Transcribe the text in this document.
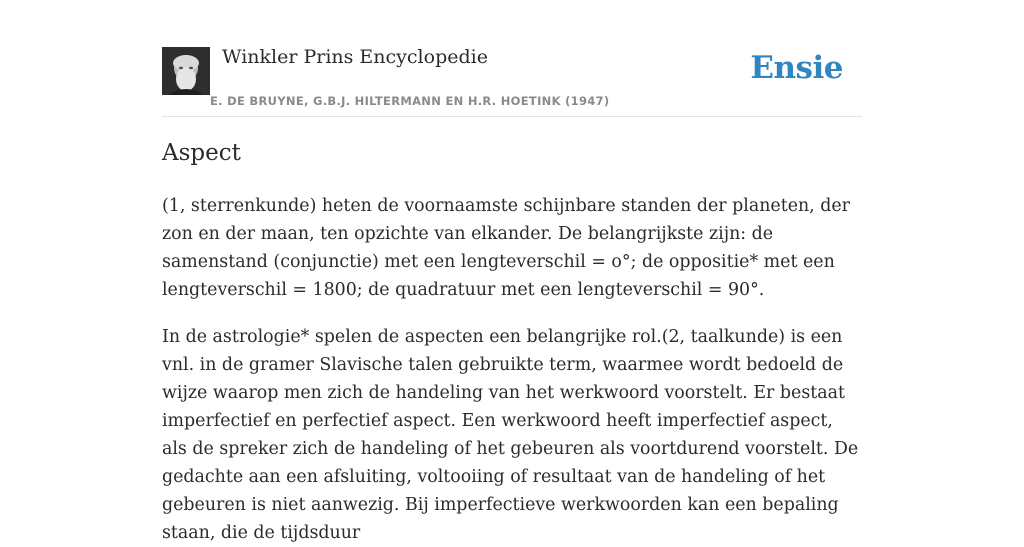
Winkler Prins Encyclopedie
E. DE BRUYNE, G.B.J. HILTERMANN EN H.R. HOETINK (1947)
Ensie
Aspect

(1, sterrenkunde) heten de voornaamste schijnbare standen der planeten, der zon en der maan, ten opzichte van elkander. De belangrijkste zijn: de samenstand (conjunctie) met een lengteverschil = o°; de oppositie* met een lengteverschil = 1800; de quadratuur met een lengteverschil = 90°.

In de astrologie* spelen de aspecten een belangrijke rol.(2, taalkunde) is een vnl. in de gramer Slavische talen gebruikte term, waarmee wordt bedoeld de wijze waarop men zich de handeling van het werkwoord voorstelt. Er bestaat imperfectief en perfectief aspect. Een werkwoord heeft imperfectief aspect, als de spreker zich de handeling of het gebeuren als voortdurend voorstelt. De gedachte aan een afsluiting, voltooiing of resultaat van de handeling of het gebeuren is niet aanwezig. Bij imperfectieve werkwoorden kan een bepaling staan, die de tijdsduur
